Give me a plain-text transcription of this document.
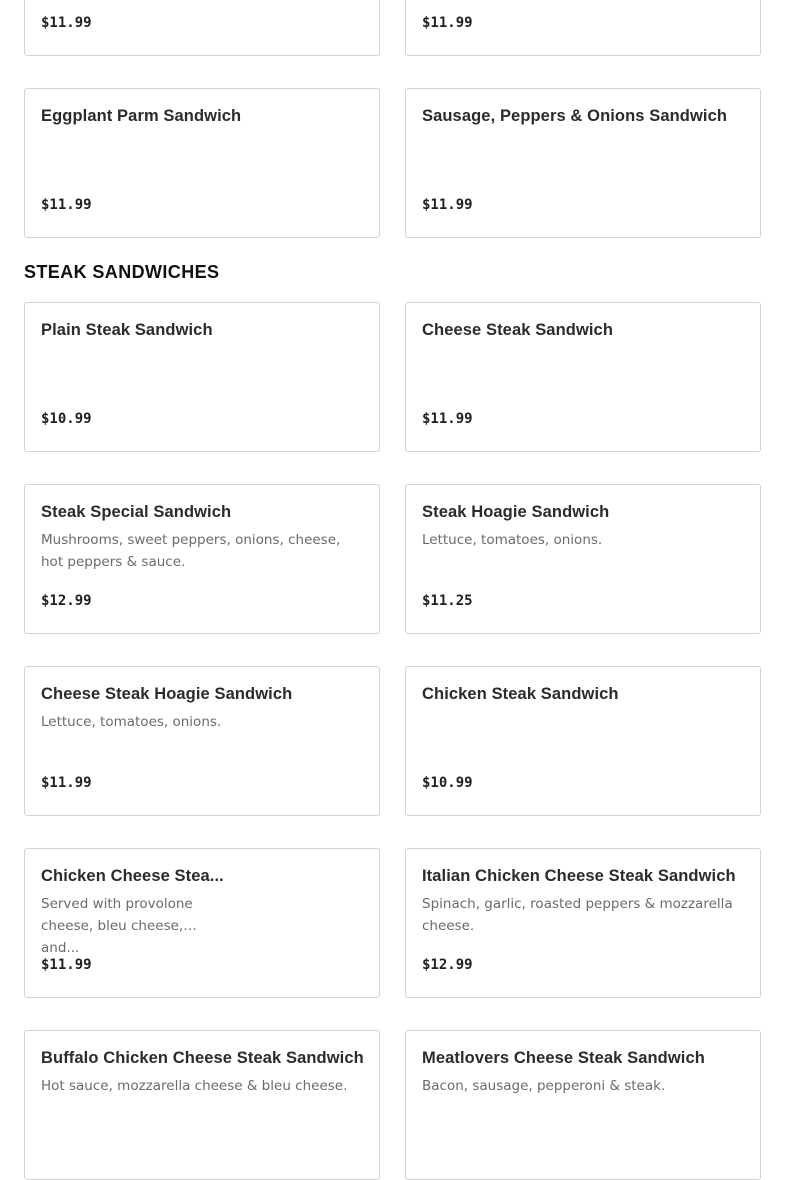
$11.99	$11.99
Eggplant Parm Sandwich
$11.99
Sausage, Peppers & Onions Sandwich
$11.99
STEAK SANDWICHES
Plain Steak Sandwich
$10.99
Cheese Steak Sandwich
$11.99
Steak Special Sandwich
Mushrooms, sweet peppers, onions, cheese, hot peppers & sauce.
$12.99
Steak Hoagie Sandwich
Lettuce, tomatoes, onions.
$11.25
Cheese Steak Hoagie Sandwich
Lettuce, tomatoes, onions.
$11.99
Chicken Steak Sandwich
$10.99
Chicken Cheese Stea...
Served with provolone cheese, bleu cheese, and...
$11.99
Italian Chicken Cheese Steak Sandwich
Spinach, garlic, roasted peppers & mozzarella cheese.
$12.99
Buffalo Chicken Cheese Steak Sandwich
Hot sauce, mozzarella cheese & bleu cheese.
Meatlovers Cheese Steak Sandwich
Bacon, sausage, pepperoni & steak.
